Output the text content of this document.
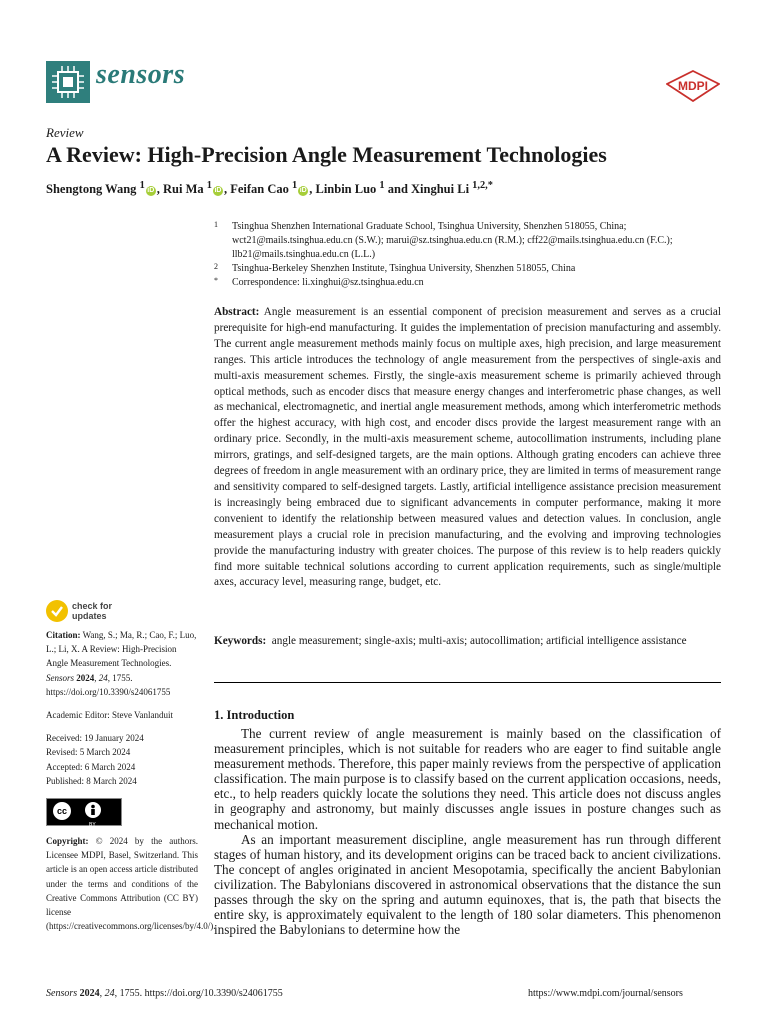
sensors	MDPI
Review
A Review: High-Precision Angle Measurement Technologies
Shengtong Wang $^1$ iD , Rui Ma $^1$ iD , Feifan Cao $^1$ iD , Linbin Luo $^1$ and Xinghui Li $^{1,2,*}$
1 Tsinghua Shenzhen International Graduate School, Tsinghua University, Shenzhen 518055, China; wct21@mails.tsinghua.edu.cn (S.W.); marui@sz.tsinghua.edu.cn (R.M.); cff22@mails.tsinghua.edu.cn (F.C.); llb21@mails.tsinghua.edu.cn (L.L.)
2 Tsinghua-Berkeley Shenzhen Institute, Tsinghua University, Shenzhen 518055, China
* Correspondence: li.xinghui@sz.tsinghua.edu.cn
Abstract: Angle measurement is an essential component of precision measurement and serves as a crucial prerequisite for high-end manufacturing. It guides the implementation of precision manufacturing and assembly. The current angle measurement methods mainly focus on multiple axes, high precision, and large measurement ranges. This article introduces the technology of angle measurement from the perspectives of single-axis and multi-axis measurement schemes. Firstly, the single-axis measurement scheme is primarily achieved through optical methods, such as encoder discs that measure energy changes and interferometric phase changes, as well as mechanical, electromagnetic, and inertial angle measurement methods, among which interferometric methods offer the highest accuracy, with high cost, and encoder discs provide the largest measurement range with an ordinary price. Secondly, in the multi-axis measurement scheme, autocollimation instruments, including plane mirrors, gratings, and self-designed targets, are the main options. Although grating encoders can achieve three degrees of freedom in angle measurement with an ordinary price, they are limited in terms of measurement range and sensitivity compared to self-designed targets. Lastly, artificial intelligence assistance precision measurement is increasingly being embraced due to significant advancements in computer performance, making it more convenient to identify the relationship between measured values and detection values. In conclusion, angle measurement plays a crucial role in precision manufacturing, and the evolving and improving technologies provide the manufacturing industry with greater choices. The purpose of this review is to help readers quickly find more suitable technical solutions according to current application requirements, such as single/multiple axes, accuracy level, measuring range, budget, etc.
Keywords: angle measurement; single-axis; multi-axis; autocollimation; artificial intelligence assistance
check for
updates

Citation: Wang, S.; Ma, R.; Cao, F.; Luo, L.; Li, X. A Review: High-Precision Angle Measurement Technologies. Sensors 2024, 24, 1755. https://doi.org/10.3390/s24061755

Academic Editor: Steve Vanlanduit

Received: 19 January 2024

Revised: 5 March 2024

Accepted: 6 March 2024

Published: 8 March 2024

cc
BY

Copyright: © 2024 by the authors. Licensee MDPI, Basel, Switzerland. This article is an open access article distributed under the terms and conditions of the Creative Commons Attribution (CC BY) license (https://creativecommons.org/licenses/by/4.0/).

1. Introduction

The current review of angle measurement is mainly based on the classification of measurement principles, which is not suitable for readers who are eager to find suitable angle measurement methods. Therefore, this paper mainly reviews from the perspective of application classification. The main purpose is to classify based on the current application occasions, needs, etc., to help readers quickly locate the solutions they need. This article does not discuss angles in geography and astronomy, but mainly discusses angle issues in posture changes such as mechanical motion.

As an important measurement discipline, angle measurement has run through different stages of human history, and its development origins can be traced back to ancient civilizations. The concept of angles originated in ancient Mesopotamia, specifically the ancient Babylonian civilization. The Babylonians discovered in astronomical observations that the distance the sun passes through the sky on the spring and autumn equinoxes, that is, the path that bisects the entire sky, is approximately equivalent to the length of 180 solar diameters. This phenomenon inspired the Babylonians to determine how the

Sensors 2024, 24, 1755. https://doi.org/10.3390/s24061755	https://www.mdpi.com/journal/sensors
